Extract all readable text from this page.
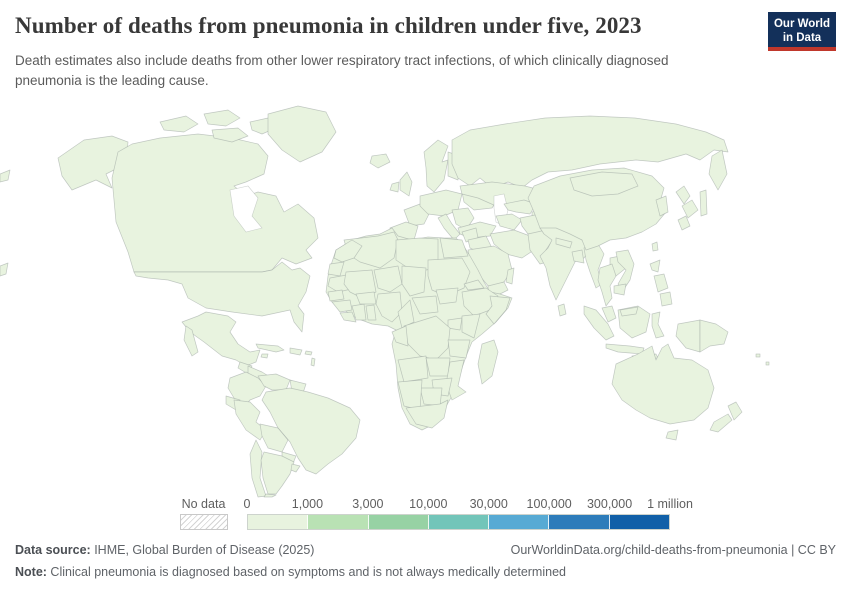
Number of deaths from pneumonia in children under five, 2023
Death estimates also include deaths from other lower respiratory tract infections, of which clinically diagnosed pneumonia is the leading cause.
Our World
in Data
No data 0	1,000 3,000 10,000 30,000 100,000 300,000 1 million
Data source: IHME, Global Burden of Disease (2025)	OurWorldinData.org/child-deaths-from-pneumonia | CC BY
Note: Clinical pneumonia is diagnosed based on symptoms and is not always medically determined
